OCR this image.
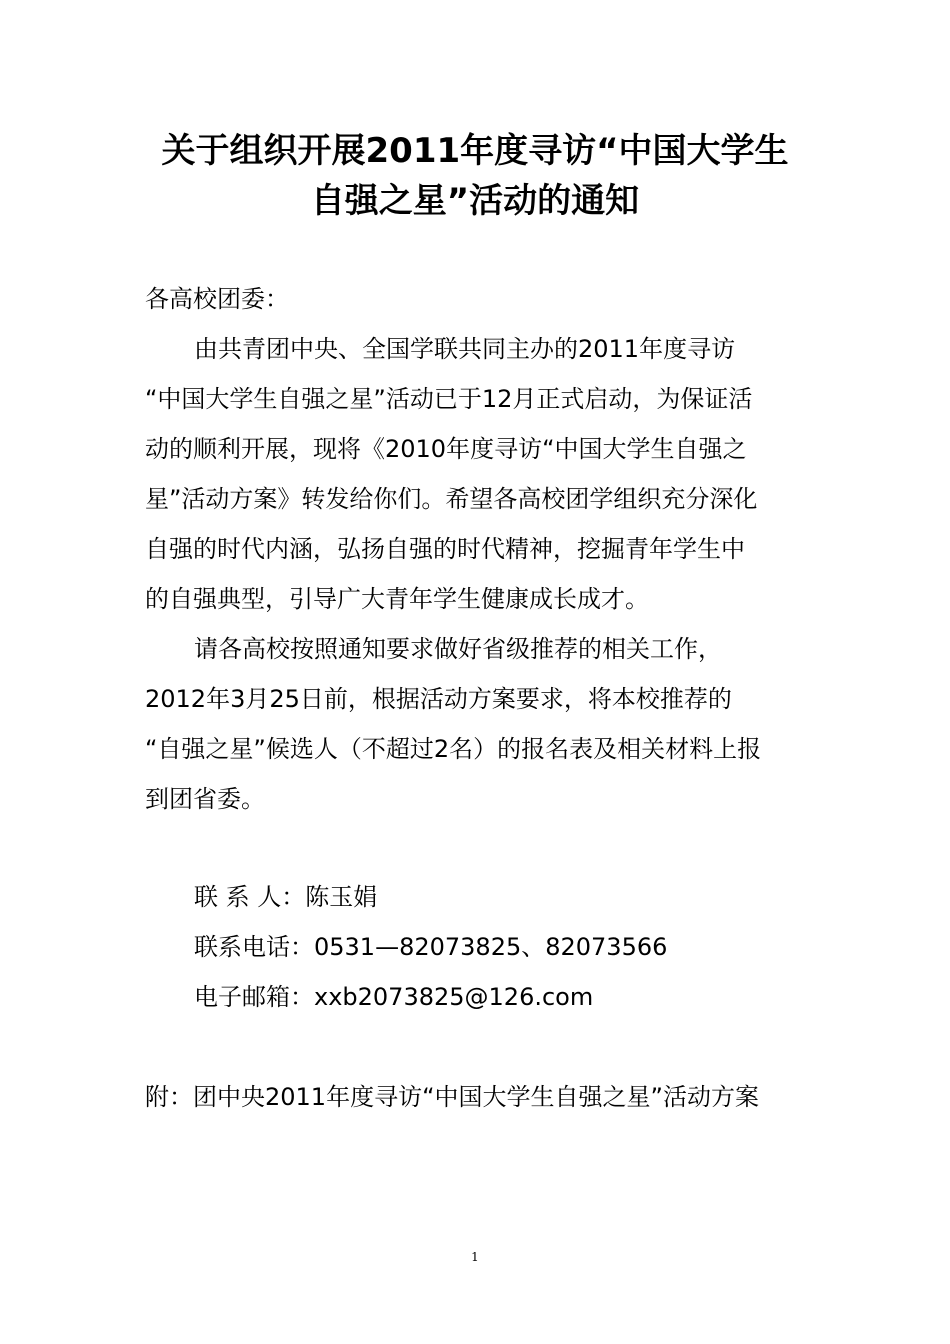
关于组织开展2011年度寻访“中国大学生
自强之星”活动的通知
各高校团委：
由共青团中央、全国学联共同主办的2011年度寻访
“中国大学生自强之星”活动已于12月正式启动，为保证活
动的顺利开展，现将《2010年度寻访“中国大学生自强之
星”活动方案》转发给你们。希望各高校团学组织充分深化
自强的时代内涵，弘扬自强的时代精神，挖掘青年学生中
的自强典型，引导广大青年学生健康成长成才。
请各高校按照通知要求做好省级推荐的相关工作，
2012年3月25日前，根据活动方案要求，将本校推荐的
“自强之星”候选人（不超过2名）的报名表及相关材料上报
到团省委。
联 系 人：陈玉娟
联系电话：0531—82073825、82073566
电子邮箱：xxb2073825@126.com
附：团中央2011年度寻访“中国大学生自强之星”活动方案
1
